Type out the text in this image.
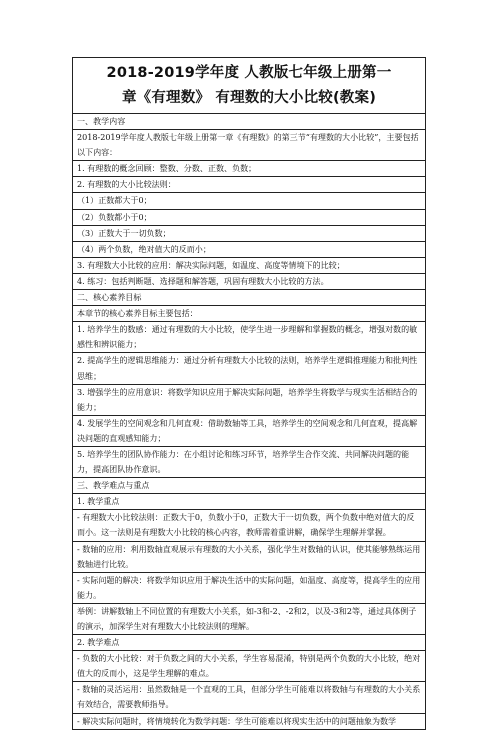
2018-2019学年度 人教版七年级上册第一
章《有理数》 有理数的大小比较(教案)
一、教学内容
2018-2019学年度人教版七年级上册第一章《有理数》的第三节“有理数的大小比较”，主要包括以下内容：
1. 有理数的概念回顾：整数、分数、正数、负数；
2. 有理数的大小比较法则：
（1）正数都大于0；
（2）负数都小于0；
（3）正数大于一切负数；
（4）两个负数，绝对值大的反而小；
3. 有理数大小比较的应用：解决实际问题，如温度、高度等情境下的比较；
4. 练习：包括判断题、选择题和解答题，巩固有理数大小比较的方法。
二、核心素养目标
本章节的核心素养目标主要包括：
1. 培养学生的数感：通过有理数的大小比较，使学生进一步理解和掌握数的概念，增强对数的敏感性和辨识能力；
2. 提高学生的逻辑思维能力：通过分析有理数大小比较的法则，培养学生逻辑推理能力和批判性思维；
3. 增强学生的应用意识：将数学知识应用于解决实际问题，培养学生将数学与现实生活相结合的能力；
4. 发展学生的空间观念和几何直观：借助数轴等工具，培养学生的空间观念和几何直观，提高解决问题的直观感知能力；
5. 培养学生的团队协作能力：在小组讨论和练习环节，培养学生合作交流、共同解决问题的能力，提高团队协作意识。
三、教学难点与重点
1. 教学重点
- 有理数大小比较法则：正数大于0，负数小于0，正数大于一切负数，两个负数中绝对值大的反而小。这一法则是有理数大小比较的核心内容，教师需着重讲解，确保学生理解并掌握。
- 数轴的应用：利用数轴直观展示有理数的大小关系，强化学生对数轴的认识，使其能够熟练运用数轴进行比较。
- 实际问题的解决：将数学知识应用于解决生活中的实际问题，如温度、高度等，提高学生的应用能力。
举例：讲解数轴上不同位置的有理数大小关系，如-3和-2、-2和2，以及-3和2等，通过具体例子的演示，加深学生对有理数大小比较法则的理解。
2. 教学难点
- 负数的大小比较：对于负数之间的大小关系，学生容易混淆，特别是两个负数的大小比较，绝对值大的反而小，这是学生理解的难点。
- 数轴的灵活运用：虽然数轴是一个直观的工具，但部分学生可能难以将数轴与有理数的大小关系有效结合，需要教师指导。
- 解决实际问题时，将情境转化为数学问题：学生可能难以将现实生活中的问题抽象为数学
